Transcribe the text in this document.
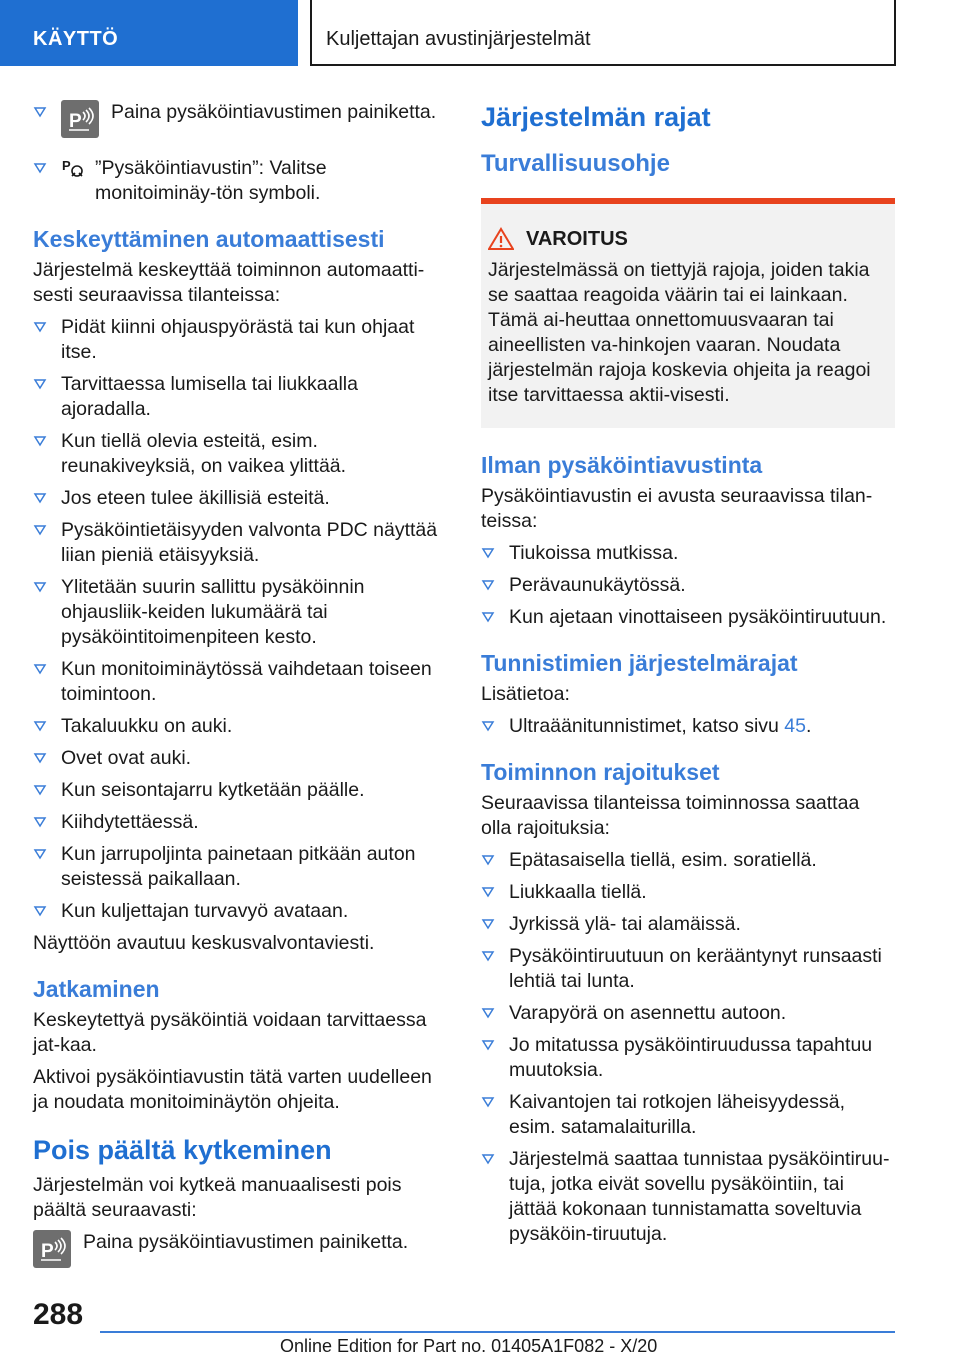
KÄYTTÖ	Kuljettajan avustinjärjestelmät
P Paina pysäköintiavustimen painiketta.
P ”Pysäköintiavustin”: Valitse monitoiminäy-tön symboli.
Keskeyttäminen automaattisesti
Järjestelmä keskeyttää toiminnon automaatti-sesti seuraavissa tilanteissa:
Pidät kiinni ohjauspyörästä tai kun ohjaat itse.
Tarvittaessa lumisella tai liukkaalla ajoradalla.
Kun tiellä olevia esteitä, esim. reunakiveyksiä, on vaikea ylittää.
Jos eteen tulee äkillisiä esteitä.
Pysäköintietäisyyden valvonta PDC näyttää liian pieniä etäisyyksiä.
Ylitetään suurin sallittu pysäköinnin ohjausliik-keiden lukumäärä tai pysäköintitoimenpiteen kesto.
Kun monitoiminäytössä vaihdetaan toiseen toimintoon.
Takaluukku on auki.
Ovet ovat auki.
Kun seisontajarru kytketään päälle.
Kiihdytettäessä.
Kun jarrupoljinta painetaan pitkään auton seistessä paikallaan.
Kun kuljettajan turvavyö avataan.
Näyttöön avautuu keskusvalvontaviesti.
Jatkaminen
Keskeytettyä pysäköintiä voidaan tarvittaessa jat-kaa.
Aktivoi pysäköintiavustin tätä varten uudelleen ja noudata monitoiminäytön ohjeita.
Pois päältä kytkeminen
Järjestelmän voi kytkeä manuaalisesti pois päältä seuraavasti:
P Paina pysäköintiavustimen painiketta.
Järjestelmän rajat
Turvallisuusohje
VAROITUS
Järjestelmässä on tiettyjä rajoja, joiden takia se saattaa reagoida väärin tai ei lainkaan. Tämä ai-heuttaa onnettomuusvaaran tai aineellisten va-hinkojen vaaran. Noudata järjestelmän rajoja koskevia ohjeita ja reagoi itse tarvittaessa aktii-visesti.
Ilman pysäköintiavustinta
Pysäköintiavustin ei avusta seuraavissa tilan-teissa:
Tiukoissa mutkissa.
Perävaunukäytössä.
Kun ajetaan vinottaiseen pysäköintiruutuun.
Tunnistimien järjestelmärajat
Lisätietoa:
Ultraäänitunnistimet, katso sivu 45.
Toiminnon rajoitukset
Seuraavissa tilanteissa toiminnossa saattaa olla rajoituksia:
Epätasaisella tiellä, esim. soratiellä.
Liukkaalla tiellä.
Jyrkissä ylä- tai alamäissä.
Pysäköintiruutuun on kerääntynyt runsaasti lehtiä tai lunta.
Varapyörä on asennettu autoon.
Jo mitatussa pysäköintiruudussa tapahtuu muutoksia.
Kaivantojen tai rotkojen läheisyydessä, esim. satamalaiturilla.
Järjestelmä saattaa tunnistaa pysäköintiruu-tuja, jotka eivät sovellu pysäköintiin, tai jättää kokonaan tunnistamatta soveltuvia pysäköin-tiruutuja.
288
Online Edition for Part no. 01405A1F082 - X/20
